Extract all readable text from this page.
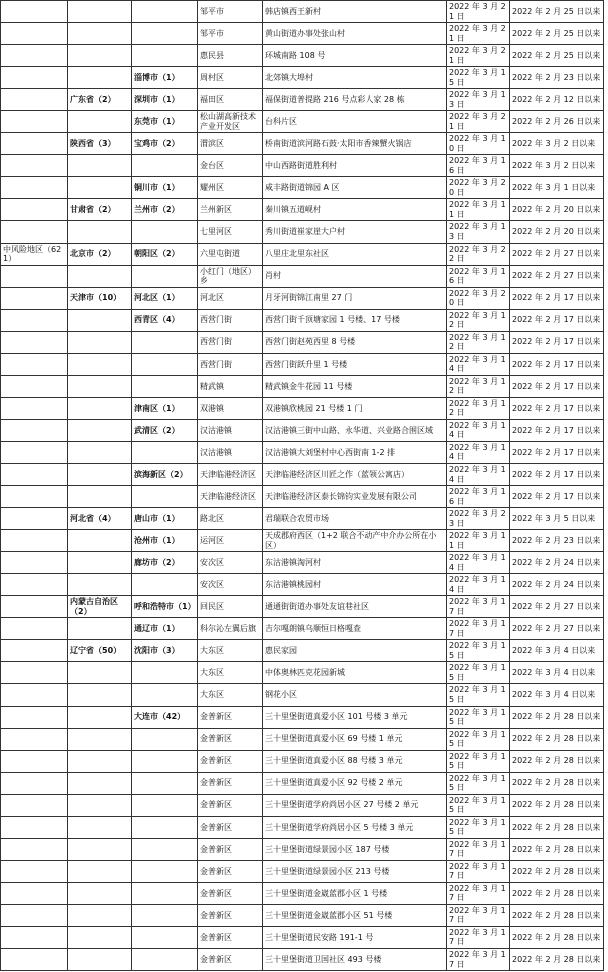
			邹平市	韩店镇西王新村	2022 年 3 月 21 日	2022 年 2 月 25 日以来
			邹平市	黄山街道办事处张山村	2022 年 3 月 21 日	2022 年 2 月 25 日以来
			惠民县	环城南路 108 号	2022 年 3 月 21 日	2022 年 2 月 25 日以来
		淄博市（1）	周村区	北郊镇大埠村	2022 年 3 月 15 日	2022 年 2 月 23 日以来
	广东省（2）	深圳市（1）	福田区	福保街道普提路 216 号点彩人家 28 栋	2022 年 3 月 13 日	2022 年 2 月 12 日以来
		东莞市（1）	松山湖高新技术产业开发区	台科片区	2022 年 3 月 21 日	2022 年 2 月 26 日以来
	陕西省（3）	宝鸡市（2）	渭滨区	桥南街道滨河路石鼓·太阳市香辣蟹火锅店	2022 年 3 月 10 日	2022 年 3 月 2 日以来
			金台区	中山西路街道胜利村	2022 年 3 月 16 日	2022 年 3 月 2 日以来
		铜川市（1）	耀州区	咸丰路街道锦园 A 区	2022 年 3 月 20 日	2022 年 3 月 1 日以来
	甘肃省（2）	兰州市（2）	兰州新区	秦川镇五道岘村	2022 年 3 月 11 日	2022 年 2 月 20 日以来
			七里河区	秀川街道崔家崖大户村	2022 年 3 月 13 日	2022 年 2 月 20 日以来
中风险地区（621）	北京市（2）	朝阳区（2）	六里屯街道	八里庄北里东社区	2022 年 3 月 22 日	2022 年 2 月 27 日以来
			小红门（地区）乡	肖村	2022 年 3 月 16 日	2022 年 2 月 27 日以来
	天津市（10）	河北区（1）	河北区	月牙河街锦江南里 27 门	2022 年 3 月 20 日	2022 年 2 月 17 日以来
		西青区（4）	西营门街	西营门街千顶塘家园 1 号楼、17 号楼	2022 年 3 月 12 日	2022 年 2 月 17 日以来
			西营门街	西营门街赵苑西里 8 号楼	2022 年 3 月 12 日	2022 年 2 月 17 日以来
			西营门街	西营门街跃升里 1 号楼	2022 年 3 月 14 日	2022 年 2 月 17 日以来
			精武镇	精武镇金牛花园 11 号楼	2022 年 3 月 12 日	2022 年 2 月 17 日以来
		津南区（1）	双港镇	双港镇欣桃园 21 号楼 1 门	2022 年 3 月 12 日	2022 年 2 月 17 日以来
		武清区（2）	汉沽港镇	汉沽港镇三街中山路、永华道、兴业路合围区域	2022 年 3 月 14 日	2022 年 2 月 17 日以来
			汉沽港镇	汉沽港镇大刘堡村中心西街南 1-2 排	2022 年 3 月 14 日	2022 年 2 月 17 日以来
		滨海新区（2）	天津临港经济区	天津临港经济区川匠之作（蓝领公寓店）	2022 年 3 月 14 日	2022 年 2 月 17 日以来
			天津临港经济区	天津临港经济区泰长锦钧实业发展有限公司	2022 年 3 月 16 日	2022 年 2 月 17 日以来
	河北省（4）	唐山市（1）	路北区	君瑞联合农贸市场	2022 年 3 月 23 日	2022 年 3 月 5 日以来
		沧州市（1）	运河区	天成郡府西区（1+2 联合不动产中介办公所在小区）	2022 年 3 月 11 日	2022 年 2 月 23 日以来
		廊坊市（2）	安次区	东沽港镇淘河村	2022 年 3 月 14 日	2022 年 2 月 24 日以来
			安次区	东沽港镇桃园村	2022 年 3 月 14 日	2022 年 2 月 24 日以来
	内蒙古自治区（2）	呼和浩特市（1）	回民区	通通街街道办事处友谊巷社区	2022 年 3 月 17 日	2022 年 2 月 27 日以来
		通辽市（1）	科尔沁左翼后旗	吉尔嘎朗镇乌顺恒日格嘎查	2022 年 3 月 17 日	2022 年 2 月 27 日以来
	辽宁省（50）	沈阳市（3）	大东区	惠民家园	2022 年 3 月 15 日	2022 年 3 月 4 日以来
			大东区	中体奥林匹克花园新城	2022 年 3 月 15 日	2022 年 3 月 4 日以来
			大东区	钢花小区	2022 年 3 月 15 日	2022 年 3 月 4 日以来
		大连市（42）	金普新区	三十里堡街道真爱小区 101 号楼 3 单元	2022 年 3 月 15 日	2022 年 2 月 28 日以来
			金普新区	三十里堡街道真爱小区 69 号楼 1 单元	2022 年 3 月 15 日	2022 年 2 月 28 日以来
			金普新区	三十里堡街道真爱小区 88 号楼 3 单元	2022 年 3 月 15 日	2022 年 2 月 28 日以来
			金普新区	三十里堡街道真爱小区 92 号楼 2 单元	2022 年 3 月 15 日	2022 年 2 月 28 日以来
			金普新区	三十里堡街道学府尚居小区 27 号楼 2 单元	2022 年 3 月 15 日	2022 年 2 月 28 日以来
			金普新区	三十里堡街道学府尚居小区 5 号楼 3 单元	2022 年 3 月 15 日	2022 年 2 月 28 日以来
			金普新区	三十里堡街道绿景园小区 187 号楼	2022 年 3 月 17 日	2022 年 2 月 28 日以来
			金普新区	三十里堡街道绿景园小区 213 号楼	2022 年 3 月 17 日	2022 年 2 月 28 日以来
			金普新区	三十里堡街道金崴蓝郡小区 1 号楼	2022 年 3 月 17 日	2022 年 2 月 28 日以来
			金普新区	三十里堡街道金崴蓝郡小区 51 号楼	2022 年 3 月 17 日	2022 年 2 月 28 日以来
			金普新区	三十里堡街道民安路 191-1 号	2022 年 3 月 17 日	2022 年 2 月 28 日以来
			金普新区	三十里堡街道卫国社区 493 号楼	2022 年 3 月 17 日	2022 年 2 月 28 日以来
